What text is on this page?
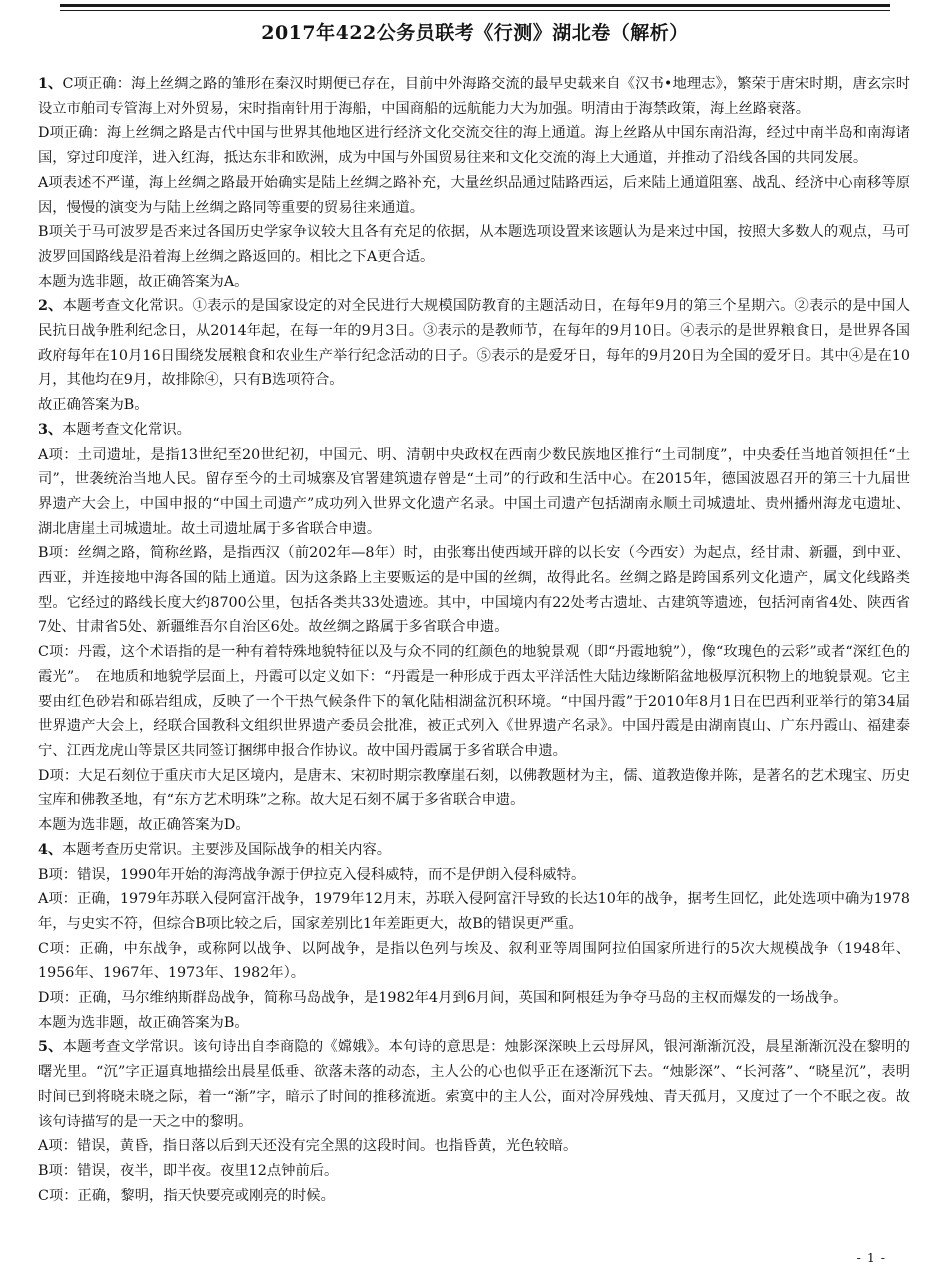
2017年422公务员联考《行测》湖北卷（解析）

1、C项正确：海上丝绸之路的雏形在秦汉时期便已存在，目前中外海路交流的最早史载来自《汉书•地理志》，繁荣于唐宋时期，唐玄宗时设立市舶司专管海上对外贸易，宋时指南针用于海船，中国商船的远航能力大为加强。明清由于海禁政策，海上丝路衰落。

D项正确：海上丝绸之路是古代中国与世界其他地区进行经济文化交流交往的海上通道。海上丝路从中国东南沿海，经过中南半岛和南海诸国，穿过印度洋，进入红海，抵达东非和欧洲，成为中国与外国贸易往来和文化交流的海上大通道，并推动了沿线各国的共同发展。

A项表述不严谨，海上丝绸之路最开始确实是陆上丝绸之路补充，大量丝织品通过陆路西运，后来陆上通道阻塞、战乱、经济中心南移等原因，慢慢的演变为与陆上丝绸之路同等重要的贸易往来通道。

B项关于马可波罗是否来过各国历史学家争议较大且各有充足的依据，从本题选项设置来该题认为是来过中国，按照大多数人的观点，马可波罗回国路线是沿着海上丝绸之路返回的。相比之下A更合适。

本题为选非题，故正确答案为A。

2、本题考查文化常识。①表示的是国家设定的对全民进行大规模国防教育的主题活动日，在每年9月的第三个星期六。②表示的是中国人民抗日战争胜利纪念日，从2014年起，在每一年的9月3日。③表示的是教师节，在每年的9月10日。④表示的是世界粮食日，是世界各国政府每年在10月16日围绕发展粮食和农业生产举行纪念活动的日子。⑤表示的是爱牙日，每年的9月20日为全国的爱牙日。其中④是在10月，其他均在9月，故排除④，只有B选项符合。

故正确答案为B。

3、本题考查文化常识。

A项：土司遗址，是指13世纪至20世纪初，中国元、明、清朝中央政权在西南少数民族地区推行“土司制度”，中央委任当地首领担任“土司”，世袭统治当地人民。留存至今的土司城寨及官署建筑遗存曾是“土司”的行政和生活中心。在2015年，德国波恩召开的第三十九届世界遗产大会上，中国申报的“中国土司遗产”成功列入世界文化遗产名录。中国土司遗产包括湖南永顺土司城遗址、贵州播州海龙屯遗址、湖北唐崖土司城遗址。故土司遗址属于多省联合申遗。

B项：丝绸之路，简称丝路，是指西汉（前202年—8年）时，由张骞出使西域开辟的以长安（今西安）为起点，经甘肃、新疆，到中亚、西亚，并连接地中海各国的陆上通道。因为这条路上主要贩运的是中国的丝绸，故得此名。丝绸之路是跨国系列文化遗产，属文化线路类型。它经过的路线长度大约8700公里，包括各类共33处遗迹。其中，中国境内有22处考古遗址、古建筑等遗迹，包括河南省4处、陕西省7处、甘肃省5处、新疆维吾尔自治区6处。故丝绸之路属于多省联合申遗。

C项：丹霞，这个术语指的是一种有着特殊地貌特征以及与众不同的红颜色的地貌景观（即“丹霞地貌”），像“玫瑰色的云彩”或者“深红色的霞光”。　在地质和地貌学层面上，丹霞可以定义如下：“丹霞是一种形成于西太平洋活性大陆边缘断陷盆地极厚沉积物上的地貌景观。它主要由红色砂岩和砾岩组成，反映了一个干热气候条件下的氧化陆相湖盆沉积环境。“中国丹霞”于2010年8月1日在巴西利亚举行的第34届世界遗产大会上，经联合国教科文组织世界遗产委员会批准，被正式列入《世界遗产名录》。中国丹霞是由湖南崀山、广东丹霞山、福建泰宁、江西龙虎山等景区共同签订捆绑申报合作协议。故中国丹霞属于多省联合申遗。

D项：大足石刻位于重庆市大足区境内，是唐末、宋初时期宗教摩崖石刻，以佛教题材为主，儒、道教造像并陈，是著名的艺术瑰宝、历史宝库和佛教圣地，有“东方艺术明珠”之称。故大足石刻不属于多省联合申遗。

本题为选非题，故正确答案为D。

4、本题考查历史常识。主要涉及国际战争的相关内容。

B项：错误，1990年开始的海湾战争源于伊拉克入侵科威特，而不是伊朗入侵科威特。

A项：正确，1979年苏联入侵阿富汗战争，1979年12月末，苏联入侵阿富汗导致的长达10年的战争，据考生回忆，此处选项中确为1978年，与史实不符，但综合B项比较之后，国家差别比1年差距更大，故B的错误更严重。

C项：正确，中东战争，或称阿以战争、以阿战争，是指以色列与埃及、叙利亚等周围阿拉伯国家所进行的5次大规模战争（1948年、1956年、1967年、1973年、1982年）。

D项：正确，马尔维纳斯群岛战争，简称马岛战争，是1982年4月到6月间，英国和阿根廷为争夺马岛的主权而爆发的一场战争。

本题为选非题，故正确答案为B。

5、本题考查文学常识。该句诗出自李商隐的《嫦娥》。本句诗的意思是：烛影深深映上云母屏风，银河渐渐沉没，晨星渐渐沉没在黎明的曙光里。“沉”字正逼真地描绘出晨星低垂、欲落未落的动态，主人公的心也似乎正在逐渐沉下去。“烛影深”、“长河落”、“晓星沉”，表明时间已到将晓未晓之际，着一“渐”字，暗示了时间的推移流逝。索寞中的主人公，面对冷屏残烛、青天孤月，又度过了一个不眠之夜。故该句诗描写的是一天之中的黎明。

A项：错误，黄昏，指日落以后到天还没有完全黑的这段时间。也指昏黄，光色较暗。

B项：错误，夜半，即半夜。夜里12点钟前后。

C项：正确，黎明，指天快要亮或刚亮的时候。

- 1 -
